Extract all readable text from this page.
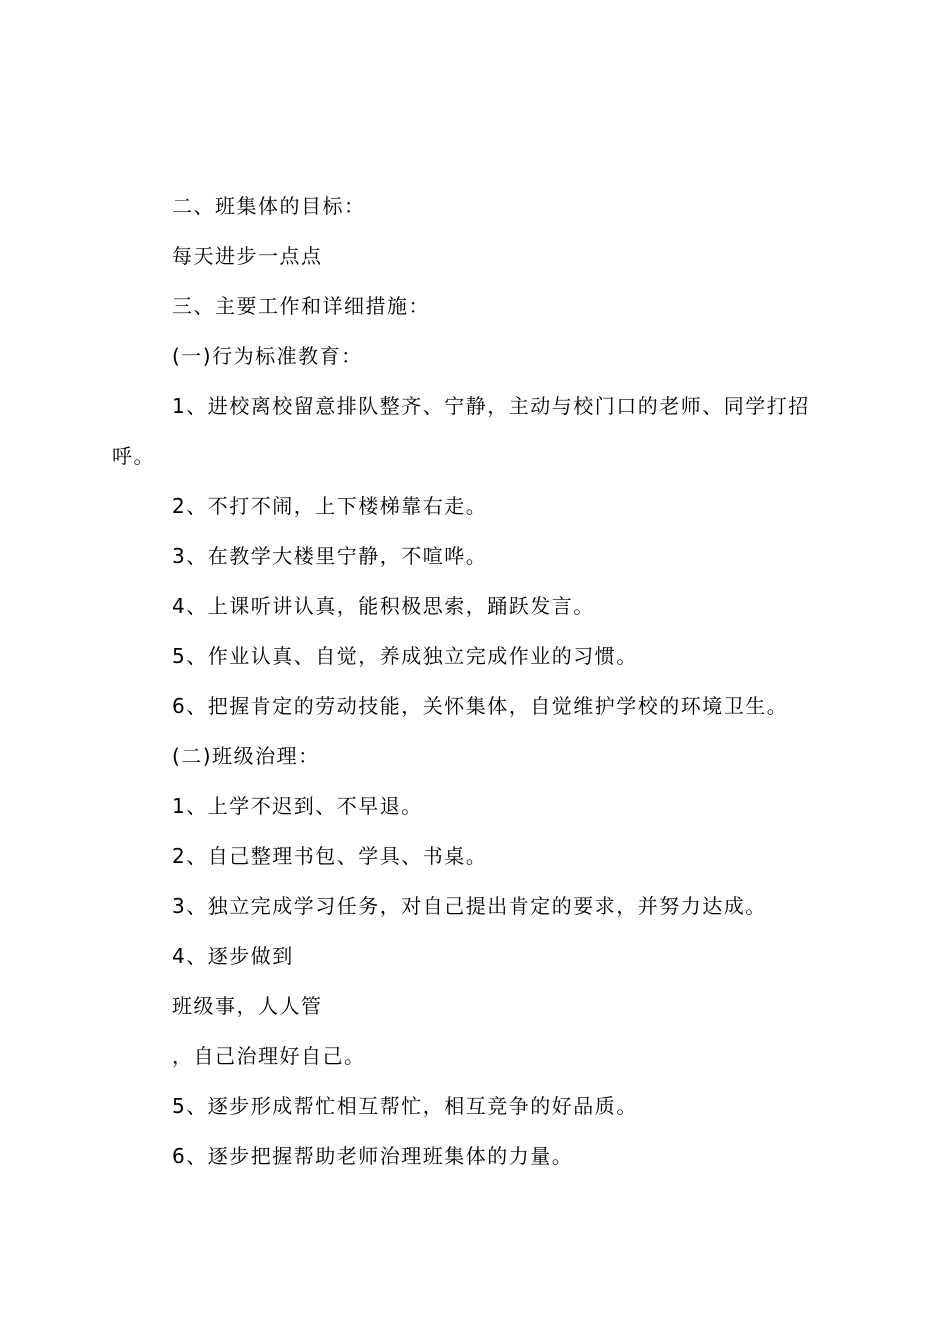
二、班集体的目标：
每天进步一点点
三、主要工作和详细措施：
(一)行为标准教育：
1、进校离校留意排队整齐、宁静，主动与校门口的老师、同学打招
呼。
2、不打不闹，上下楼梯靠右走。
3、在教学大楼里宁静，不喧哗。
4、上课听讲认真，能积极思索，踊跃发言。
5、作业认真、自觉，养成独立完成作业的习惯。
6、把握肯定的劳动技能，关怀集体，自觉维护学校的环境卫生。
(二)班级治理：
1、上学不迟到、不早退。
2、自己整理书包、学具、书桌。
3、独立完成学习任务，对自己提出肯定的要求，并努力达成。
4、逐步做到
班级事，人人管
，自己治理好自己。
5、逐步形成帮忙相互帮忙，相互竞争的好品质。
6、逐步把握帮助老师治理班集体的力量。
